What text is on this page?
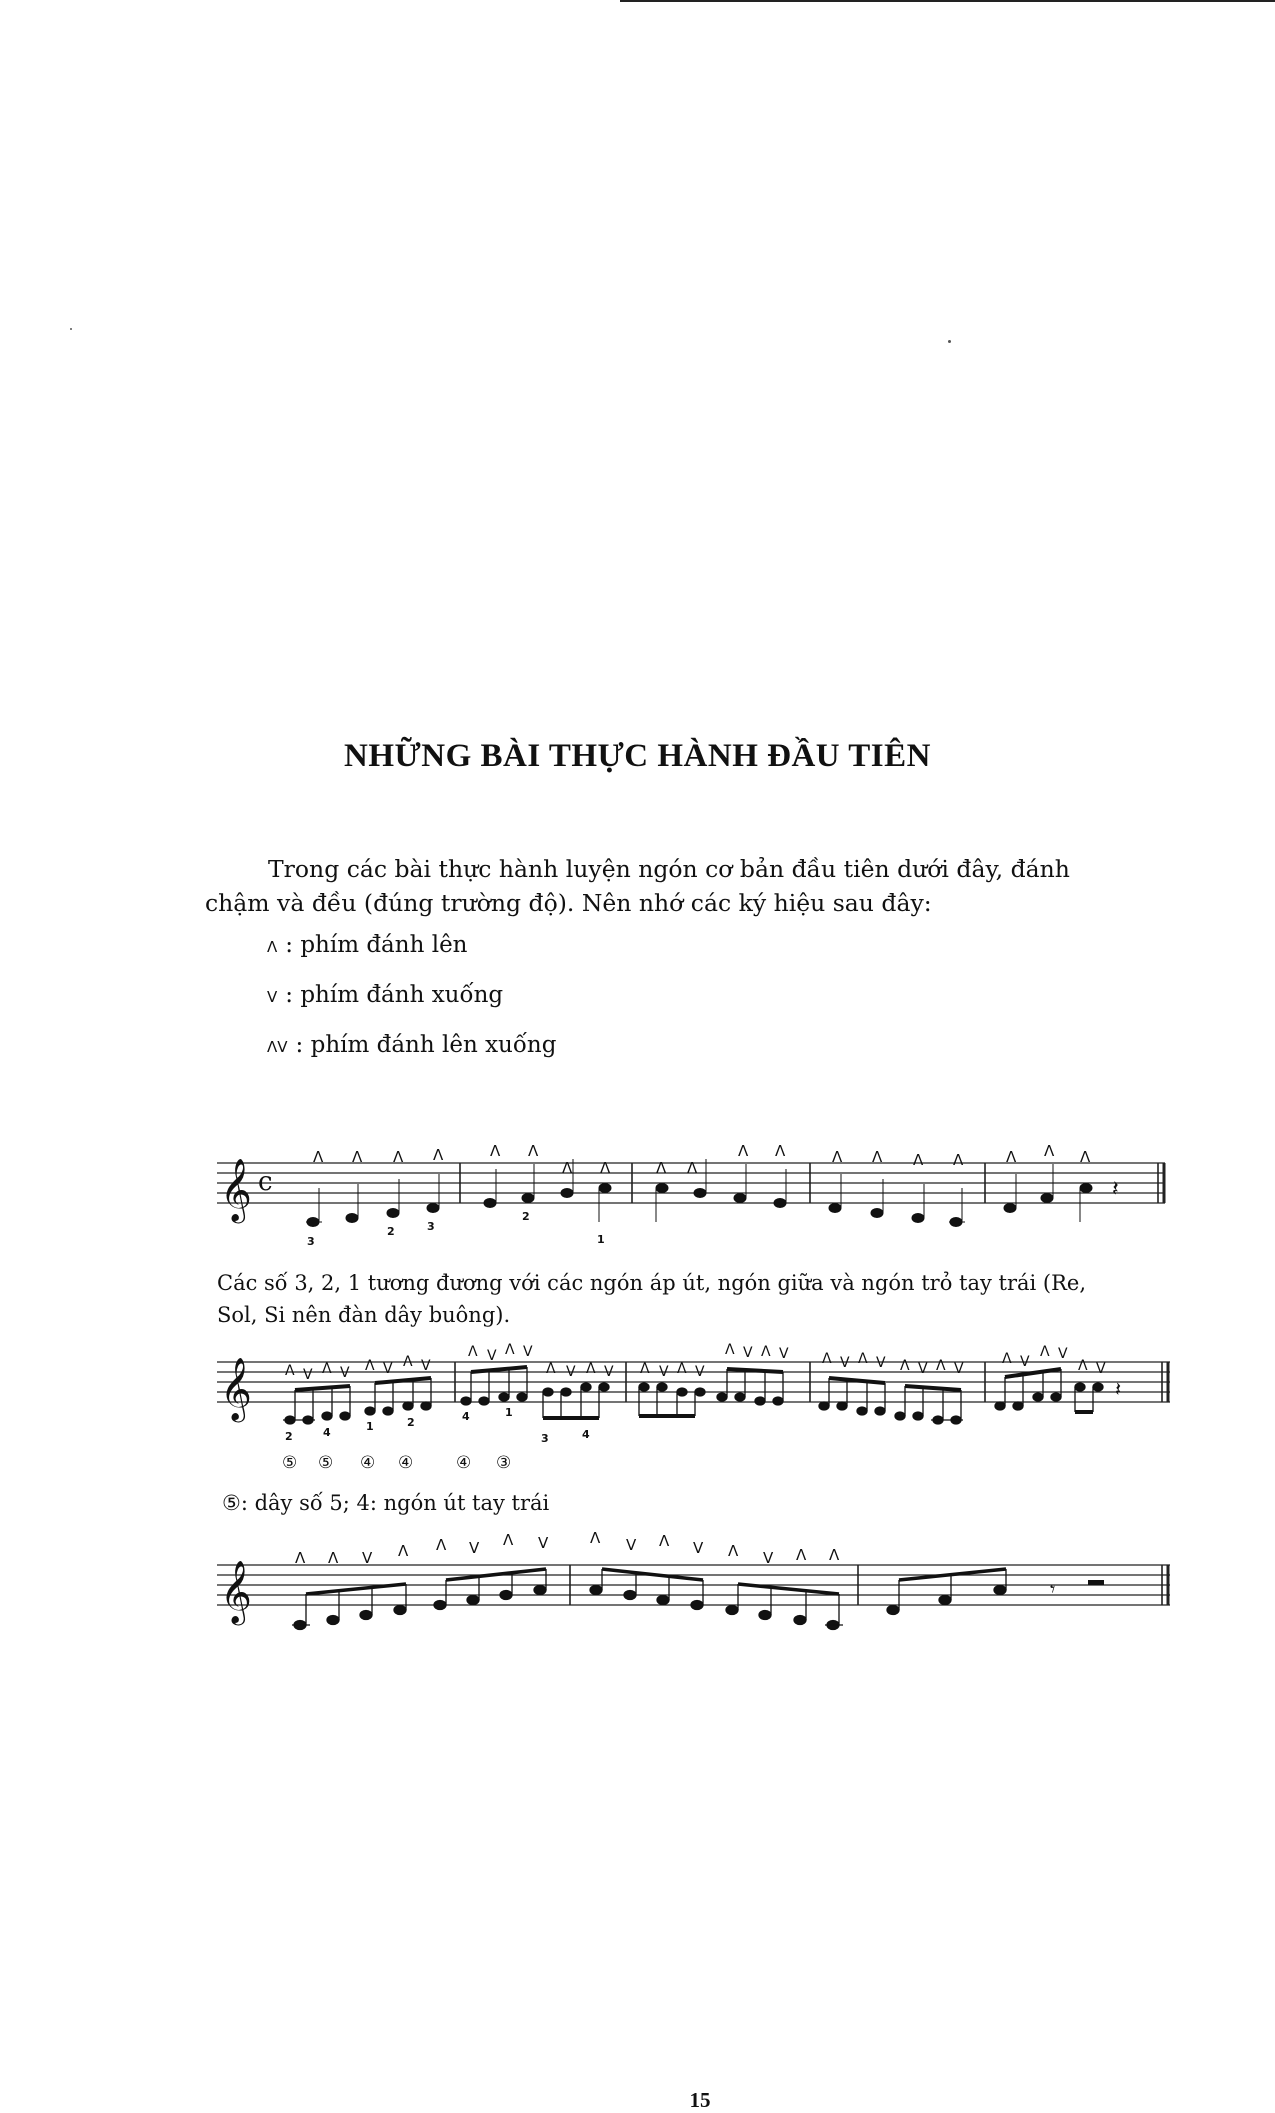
NHỮNG BÀI THỰC HÀNH ĐẦU TIÊN
Trong các bài thực hành luyện ngón cơ bản đầu tiên dưới đây, đánh
chậm và đều (đúng trường độ). Nên nhớ các ký hiệu sau đây:
Λ : phím đánh lên
V : phím đánh xuống
ΛV : phím đánh lên xuống
𝄞 c	𝄽
Λ Λ Λ Λ	Λ Λ
Λ Λ	Λ Λ
Λ Λ	Λ Λ Λ Λ	Λ Λ Λ
3
2	3
2
1
Các số 3, 2, 1 tương đương với các ngón áp út, ngón giữa và ngón trỏ tay trái (Re,
Sol, Si nên đàn dây buông).
𝄞	𝄽
Λ V Λ V Λ V Λ V
Λ V Λ V
Λ V Λ V Λ V Λ V
Λ V Λ V Λ V Λ V Λ V Λ V
Λ V
Λ V
Λ V
2	4	1	2	4	1
3	4
⑤ ⑤ ④ ④	④ ③
⑤: dây số 5; 4: ngón út tay trái
𝄞	𝄾
Λ Λ V Λ Λ V Λ V	Λ V Λ V Λ V Λ Λ
15
